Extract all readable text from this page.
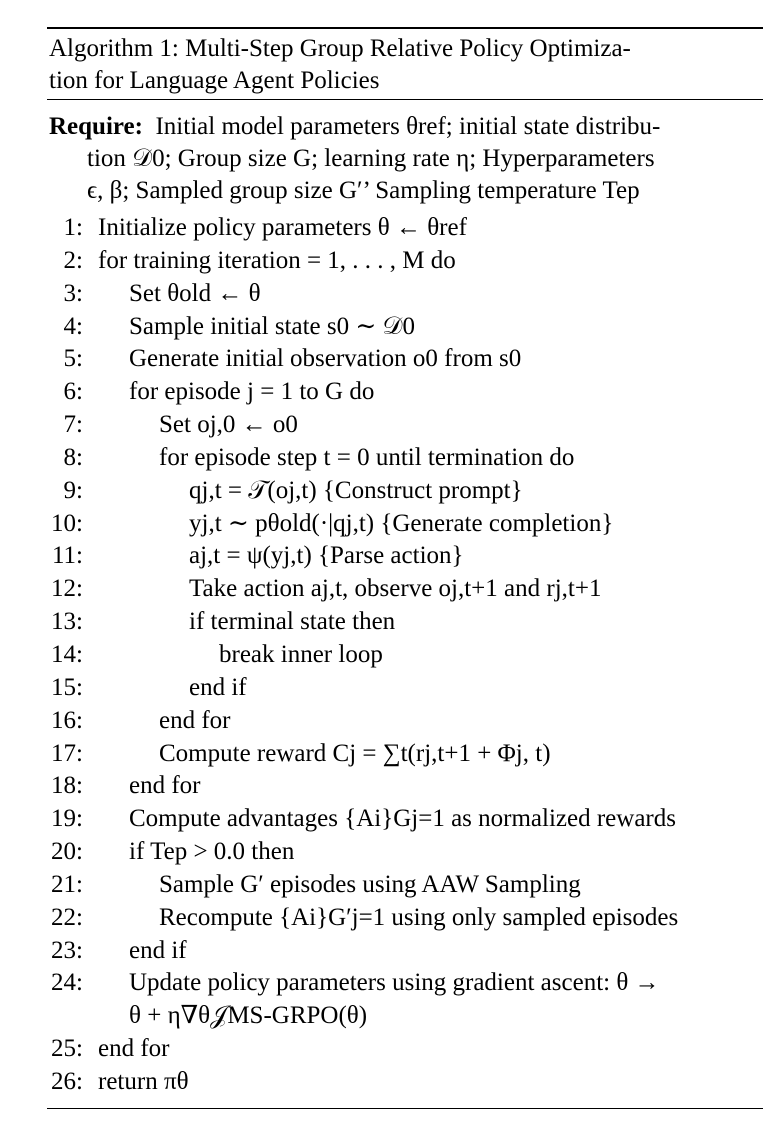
Algorithm 1: Multi-Step Group Relative Policy Optimiza-
tion for Language Agent Policies
Require: Initial model parameters θref; initial state distribu-
tion 𝒟0; Group size G; learning rate η; Hyperparameters
ϵ, β; Sampled group size G′’ Sampling temperature Tep
1: Initialize policy parameters θ ← θref
2: for training iteration = 1, . . . , M do
3: Set θold ← θ
4: Sample initial state s0 ∼ 𝒟0
5: Generate initial observation o0 from s0
6: for episode j = 1 to G do
7:	Set oj,0 ← o0
8:	for episode step t = 0 until termination do
9:	qj,t = 𝒯(oj,t) {Construct prompt}
10:	yj,t ∼ pθold(·|qj,t) {Generate completion}
11:	aj,t = ψ(yj,t) {Parse action}
12:	Take action aj,t, observe oj,t+1 and rj,t+1
13:	if terminal state then
14:	break inner loop
15:	end if
16:	end for
17:	Compute reward Cj = ∑t(rj,t+1 + Φj, t)
18: end for
19: Compute advantages {Ai}Gj=1 as normalized rewards
20: if Tep > 0.0 then
21:	Sample G′ episodes using AAW Sampling
22:	Recompute {Ai}G′j=1 using only sampled episodes
23: end if
24: Update policy parameters using gradient ascent: θ →
θ + η∇θ𝒥MS-GRPO(θ)
25: end for
26: return πθ
